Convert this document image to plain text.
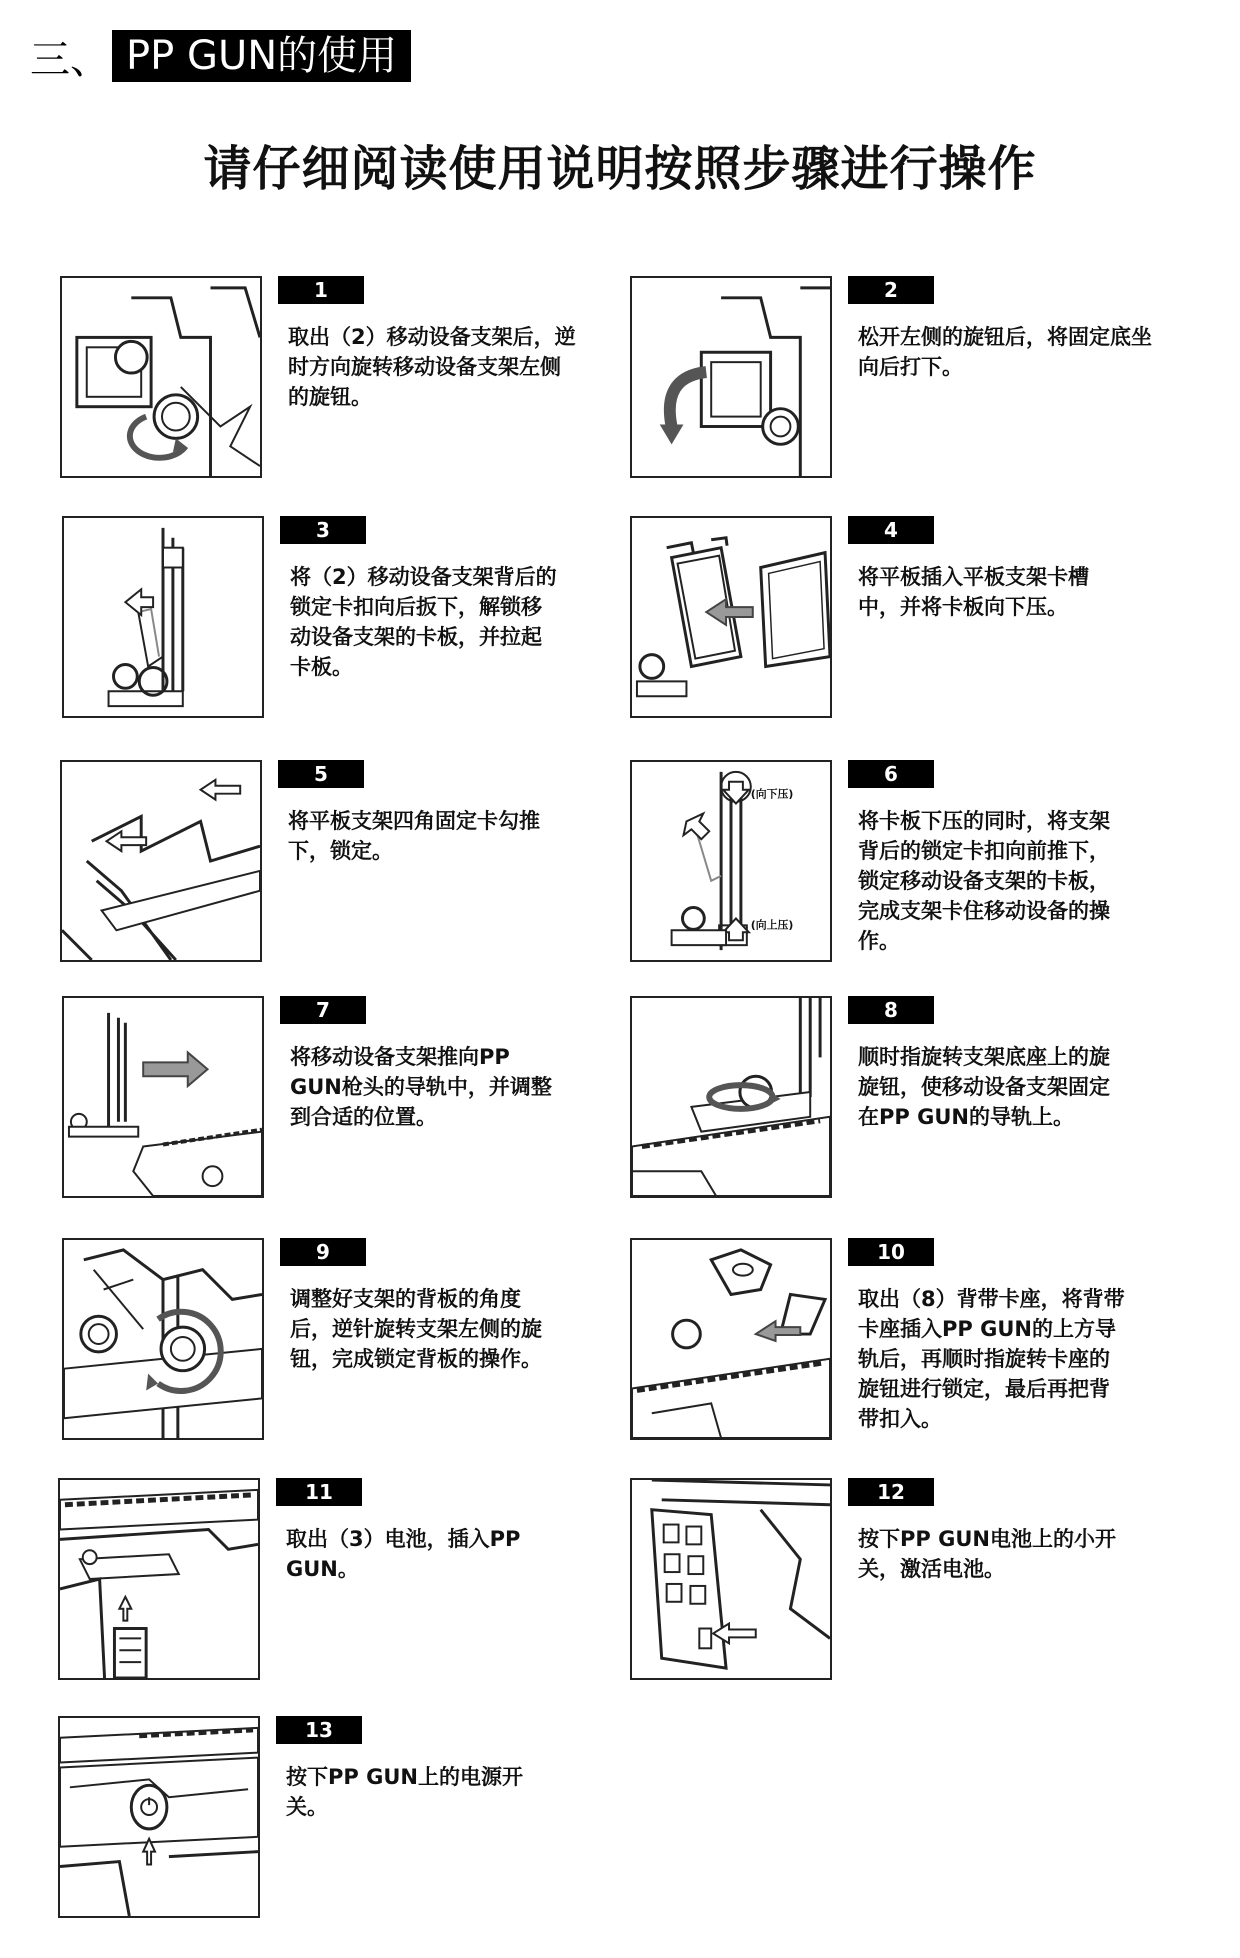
三、 PP GUN的使用
请仔细阅读使用说明按照步骤进行操作
1
取出（2）移动设备支架后，逆
时方向旋转移动设备支架左侧
的旋钮。
2
松开左侧的旋钮后，将固定底坐
向后打下。
3
将（2）移动设备支架背后的
锁定卡扣向后扳下，解锁移
动设备支架的卡板，并拉起
卡板。
4
将平板插入平板支架卡槽
中，并将卡板向下压。
5
将平板支架四角固定卡勾推
下，锁定。
(向下压)
(向上压)
6
将卡板下压的同时，将支架
背后的锁定卡扣向前推下，
锁定移动设备支架的卡板，
完成支架卡住移动设备的操
作。
7
将移动设备支架推向PP
GUN枪头的导轨中，并调整
到合适的位置。
8
顺时指旋转支架底座上的旋
旋钮，使移动设备支架固定
在PP GUN的导轨上。
9
调整好支架的背板的角度
后，逆针旋转支架左侧的旋
钮，完成锁定背板的操作。
10
取出（8）背带卡座，将背带
卡座插入PP GUN的上方导
轨后，再顺时指旋转卡座的
旋钮进行锁定，最后再把背
带扣入。
11
取出（3）电池，插入PP
GUN。
12
按下PP GUN电池上的小开
关，激活电池。
13
按下PP GUN上的电源开
关。
